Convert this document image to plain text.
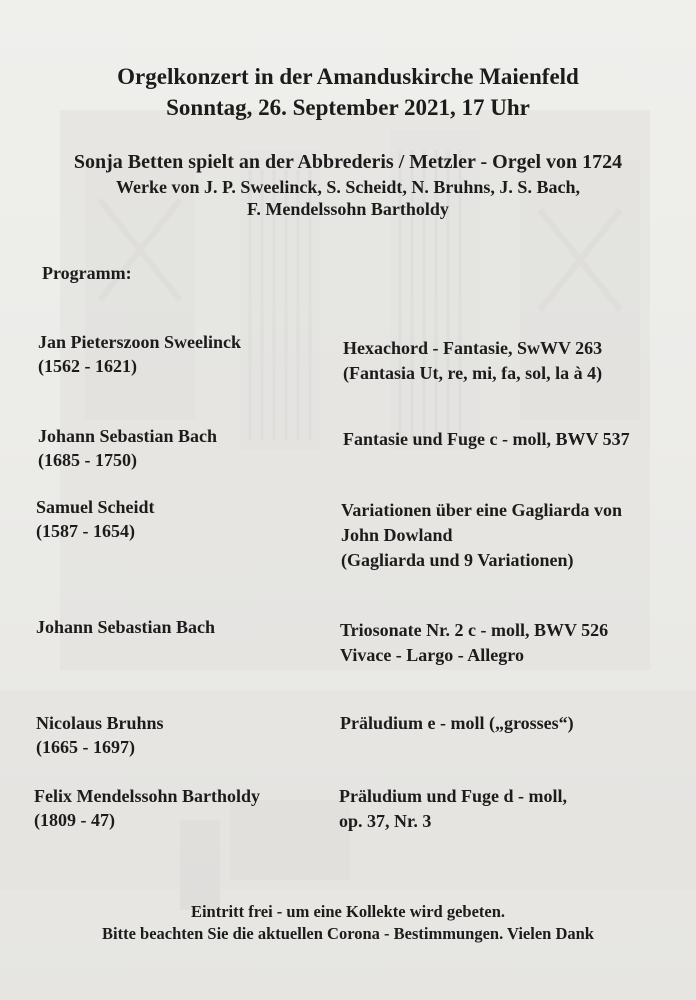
Orgelkonzert in der Amanduskirche Maienfeld
Sonntag, 26. September 2021, 17 Uhr
Sonja Betten spielt an der Abbrederis / Metzler - Orgel von 1724
Werke von J. P. Sweelinck, S. Scheidt, N. Bruhns, J. S. Bach,
F. Mendelssohn Bartholdy
Programm:
Jan Pieterszoon Sweelinck
(1562 - 1621)
Hexachord - Fantasie, SwWV 263
(Fantasia Ut, re, mi, fa, sol, la à 4)
Johann Sebastian Bach
(1685 - 1750)
Fantasie und Fuge c - moll, BWV 537
Samuel Scheidt
(1587 - 1654)
Variationen über eine Gagliarda von
John Dowland
(Gagliarda und 9 Variationen)
Johann Sebastian Bach	Triosonate Nr. 2 c - moll, BWV 526
Vivace - Largo - Allegro
Nicolaus Bruhns
(1665 - 1697)
Präludium e - moll („grosses“)
Felix Mendelssohn Bartholdy
(1809 - 47)
Präludium und Fuge d - moll,
op. 37, Nr. 3
Eintritt frei - um eine Kollekte wird gebeten.
Bitte beachten Sie die aktuellen Corona - Bestimmungen. Vielen Dank
